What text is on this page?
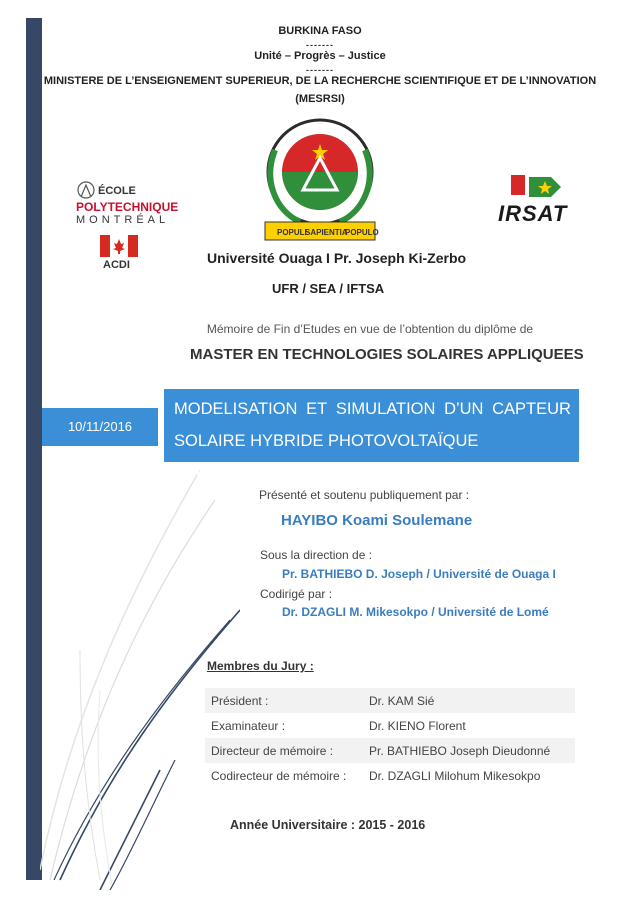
BURKINA FASO
-------
Unité – Progrès – Justice
-------
MINISTERE DE L’ENSEIGNEMENT SUPERIEUR, DE LA RECHERCHE SCIENTIFIQUE ET DE L’INNOVATION
(MESRSI)
ÉCOLE
POLYTECHNIQUE
MONTRÉAL
ACDI
POPULI
SAPIENTIA
POPULO
IRSAT
Université Ouaga I Pr. Joseph Ki-Zerbo
UFR / SEA / IFTSA
Mémoire de Fin d’Etudes en vue de l’obtention du diplôme de
MASTER EN TECHNOLOGIES SOLAIRES APPLIQUEES
10/11/2016
MODELISATION ET SIMULATION D’UN CAPTEUR
SOLAIRE HYBRIDE PHOTOVOLTAÏQUE THERMIQUE
Présenté et soutenu publiquement par :
HAYIBO Koami Soulemane
Sous la direction de :
Pr. BATHIEBO D. Joseph / Université de Ouaga I
Codirigé par :
Dr. DZAGLI M. Mikesokpo / Université de Lomé
Membres du Jury :
Président :	Dr. KAM Sié
Examinateur :	Dr. KIENO Florent
Directeur de mémoire :	Pr. BATHIEBO Joseph Dieudonné
Codirecteur de mémoire :	Dr. DZAGLI Milohum Mikesokpo
Année Universitaire : 2015 - 2016
